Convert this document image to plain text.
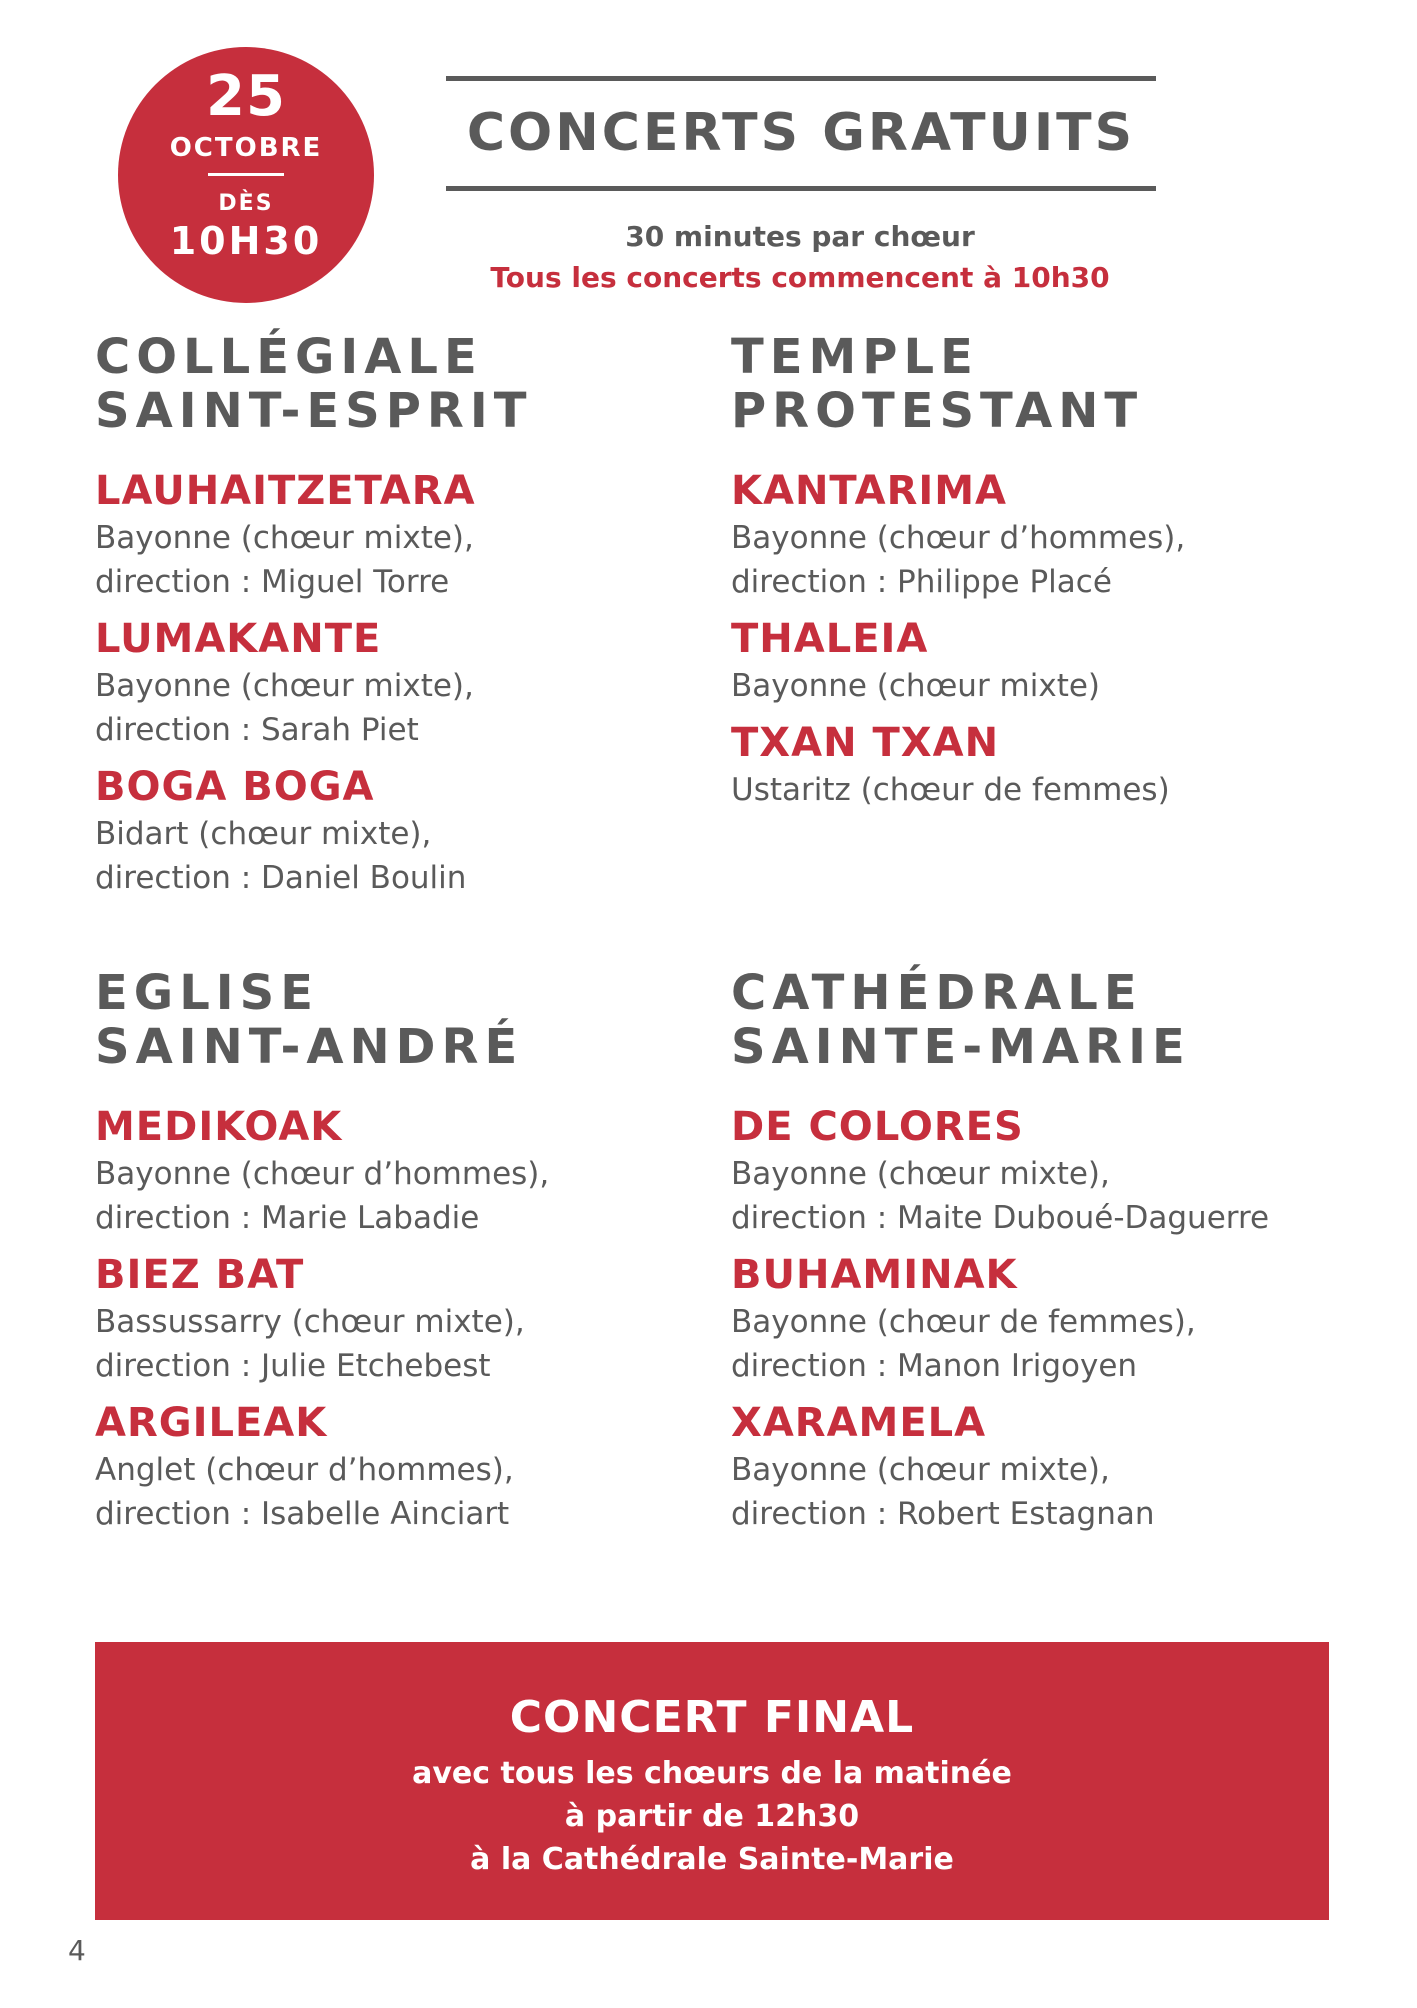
25
OCTOBRE
DÈS
10H30
CONCERTS GRATUITS
30 minutes par chœur
Tous les concerts commencent à 10h30
COLLÉGIALE
SAINT-ESPRIT
LAUHAITZETARA
Bayonne (chœur mixte),
direction : Miguel Torre
LUMAKANTE
Bayonne (chœur mixte),
direction : Sarah Piet
BOGA BOGA
Bidart (chœur mixte),
direction : Daniel Boulin
TEMPLE
PROTESTANT
KANTARIMA
Bayonne (chœur d’hommes),
direction : Philippe Placé
THALEIA
Bayonne (chœur mixte)
TXAN TXAN
Ustaritz (chœur de femmes)
EGLISE
SAINT-ANDRÉ
MEDIKOAK
Bayonne (chœur d’hommes),
direction : Marie Labadie
BIEZ BAT
Bassussarry (chœur mixte),
direction : Julie Etchebest
ARGILEAK
Anglet (chœur d’hommes),
direction : Isabelle Ainciart
CATHÉDRALE
SAINTE-MARIE
DE COLORES
Bayonne (chœur mixte),
direction : Maite Duboué-Daguerre
BUHAMINAK
Bayonne (chœur de femmes),
direction : Manon Irigoyen
XARAMELA
Bayonne (chœur mixte),
direction : Robert Estagnan
CONCERT FINAL
avec tous les chœurs de la matinée
à partir de 12h30
à la Cathédrale Sainte-Marie
4
